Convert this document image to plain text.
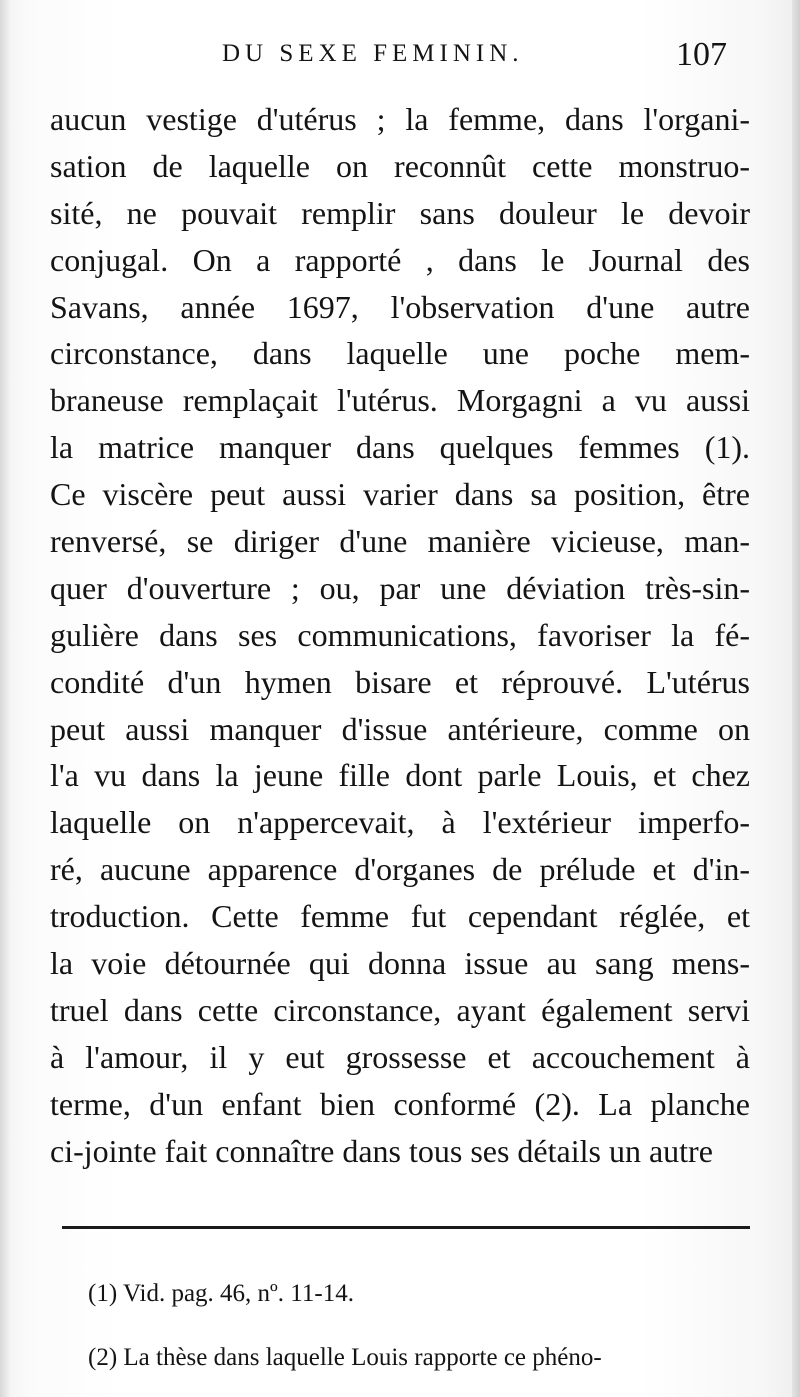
DU SEXE FEMININ.	107
aucun vestige d'utérus ; la femme, dans l'organi-
sation de laquelle on reconnût cette monstruo-
sité, ne pouvait remplir sans douleur le devoir
conjugal. On a rapporté , dans le Journal des
Savans, année 1697, l'observation d'une autre
circonstance, dans laquelle une poche mem-
braneuse remplaçait l'utérus. Morgagni a vu aussi
la matrice manquer dans quelques femmes (1).
Ce viscère peut aussi varier dans sa position, être
renversé, se diriger d'une manière vicieuse, man-
quer d'ouverture ; ou, par une déviation très-sin-
gulière dans ses communications, favoriser la fé-
condité d'un hymen bisare et réprouvé. L'utérus
peut aussi manquer d'issue antérieure, comme on
l'a vu dans la jeune fille dont parle Louis, et chez
laquelle on n'appercevait, à l'extérieur imperfo-
ré, aucune apparence d'organes de prélude et d'in-
troduction. Cette femme fut cependant réglée, et
la voie détournée qui donna issue au sang mens-
truel dans cette circonstance, ayant également servi
à l'amour, il y eut grossesse et accouchement à
terme, d'un enfant bien conformé (2). La planche
ci-jointe fait connaître dans tous ses détails un autre
(1) Vid. pag. 46, nº. 11-14.
(2) La thèse dans laquelle Louis rapporte ce phéno-
